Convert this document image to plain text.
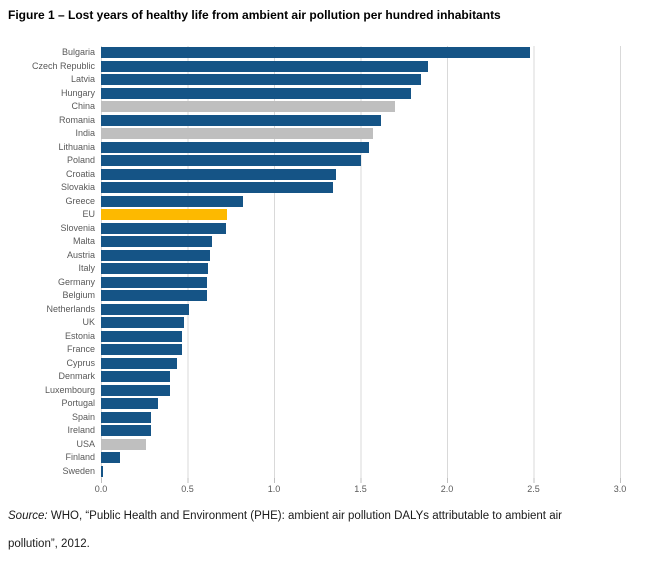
Figure 1 – Lost years of healthy life from ambient air pollution per hundred inhabitants
Bulgaria
Czech Republic
Latvia
Hungary
China
Romania
India
Lithuania
Poland
Croatia
Slovakia
Greece
EU
Slovenia
Malta
Austria
Italy
Germany
Belgium
Netherlands
UK
Estonia
France
Cyprus
Denmark
Luxembourg
Portugal
Spain
Ireland
USA
Finland
Sweden
0.0	0.5	1.0	1.5	2.0	2.5	3.0
Source: WHO, “Public Health and Environment (PHE): ambient air pollution DALYs attributable to ambient air
pollution”, 2012.
